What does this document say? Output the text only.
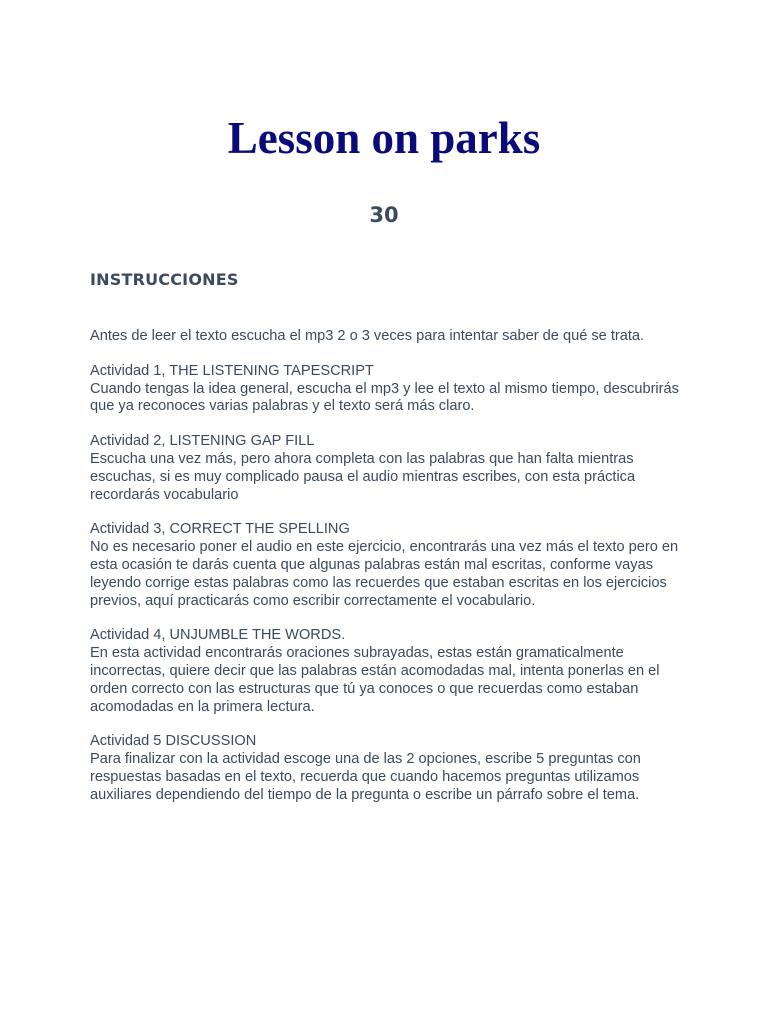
Lesson on parks
30
INSTRUCCIONES

Antes de leer el texto escucha el mp3 2 o 3 veces para intentar saber de qué se trata.

Actividad 1, THE LISTENING TAPESCRIPT
Cuando tengas la idea general, escucha el mp3 y lee el texto al mismo tiempo, descubrirás que ya reconoces varias palabras y el texto será más claro.

Actividad 2, LISTENING GAP FILL
Escucha una vez más, pero ahora completa con las palabras que han falta mientras escuchas, si es muy complicado pausa el audio mientras escribes, con esta práctica recordarás vocabulario

Actividad 3, CORRECT THE SPELLING
No es necesario poner el audio en este ejercicio, encontrarás una vez más el texto pero en esta ocasión te darás cuenta que algunas palabras están mal escritas, conforme vayas leyendo corrige estas palabras como las recuerdes que estaban escritas en los ejercicios previos, aquí practicarás como escribir correctamente el vocabulario.

Actividad 4, UNJUMBLE THE WORDS.
En esta actividad encontrarás oraciones subrayadas, estas están gramaticalmente incorrectas, quiere decir que las palabras están acomodadas mal, intenta ponerlas en el orden correcto con las estructuras que tú ya conoces o que recuerdas como estaban acomodadas en la primera lectura.

Actividad 5 DISCUSSION
Para finalizar con la actividad escoge una de las 2 opciones, escribe 5 preguntas con respuestas basadas en el texto, recuerda que cuando hacemos preguntas utilizamos auxiliares dependiendo del tiempo de la pregunta o escribe un párrafo sobre el tema.
